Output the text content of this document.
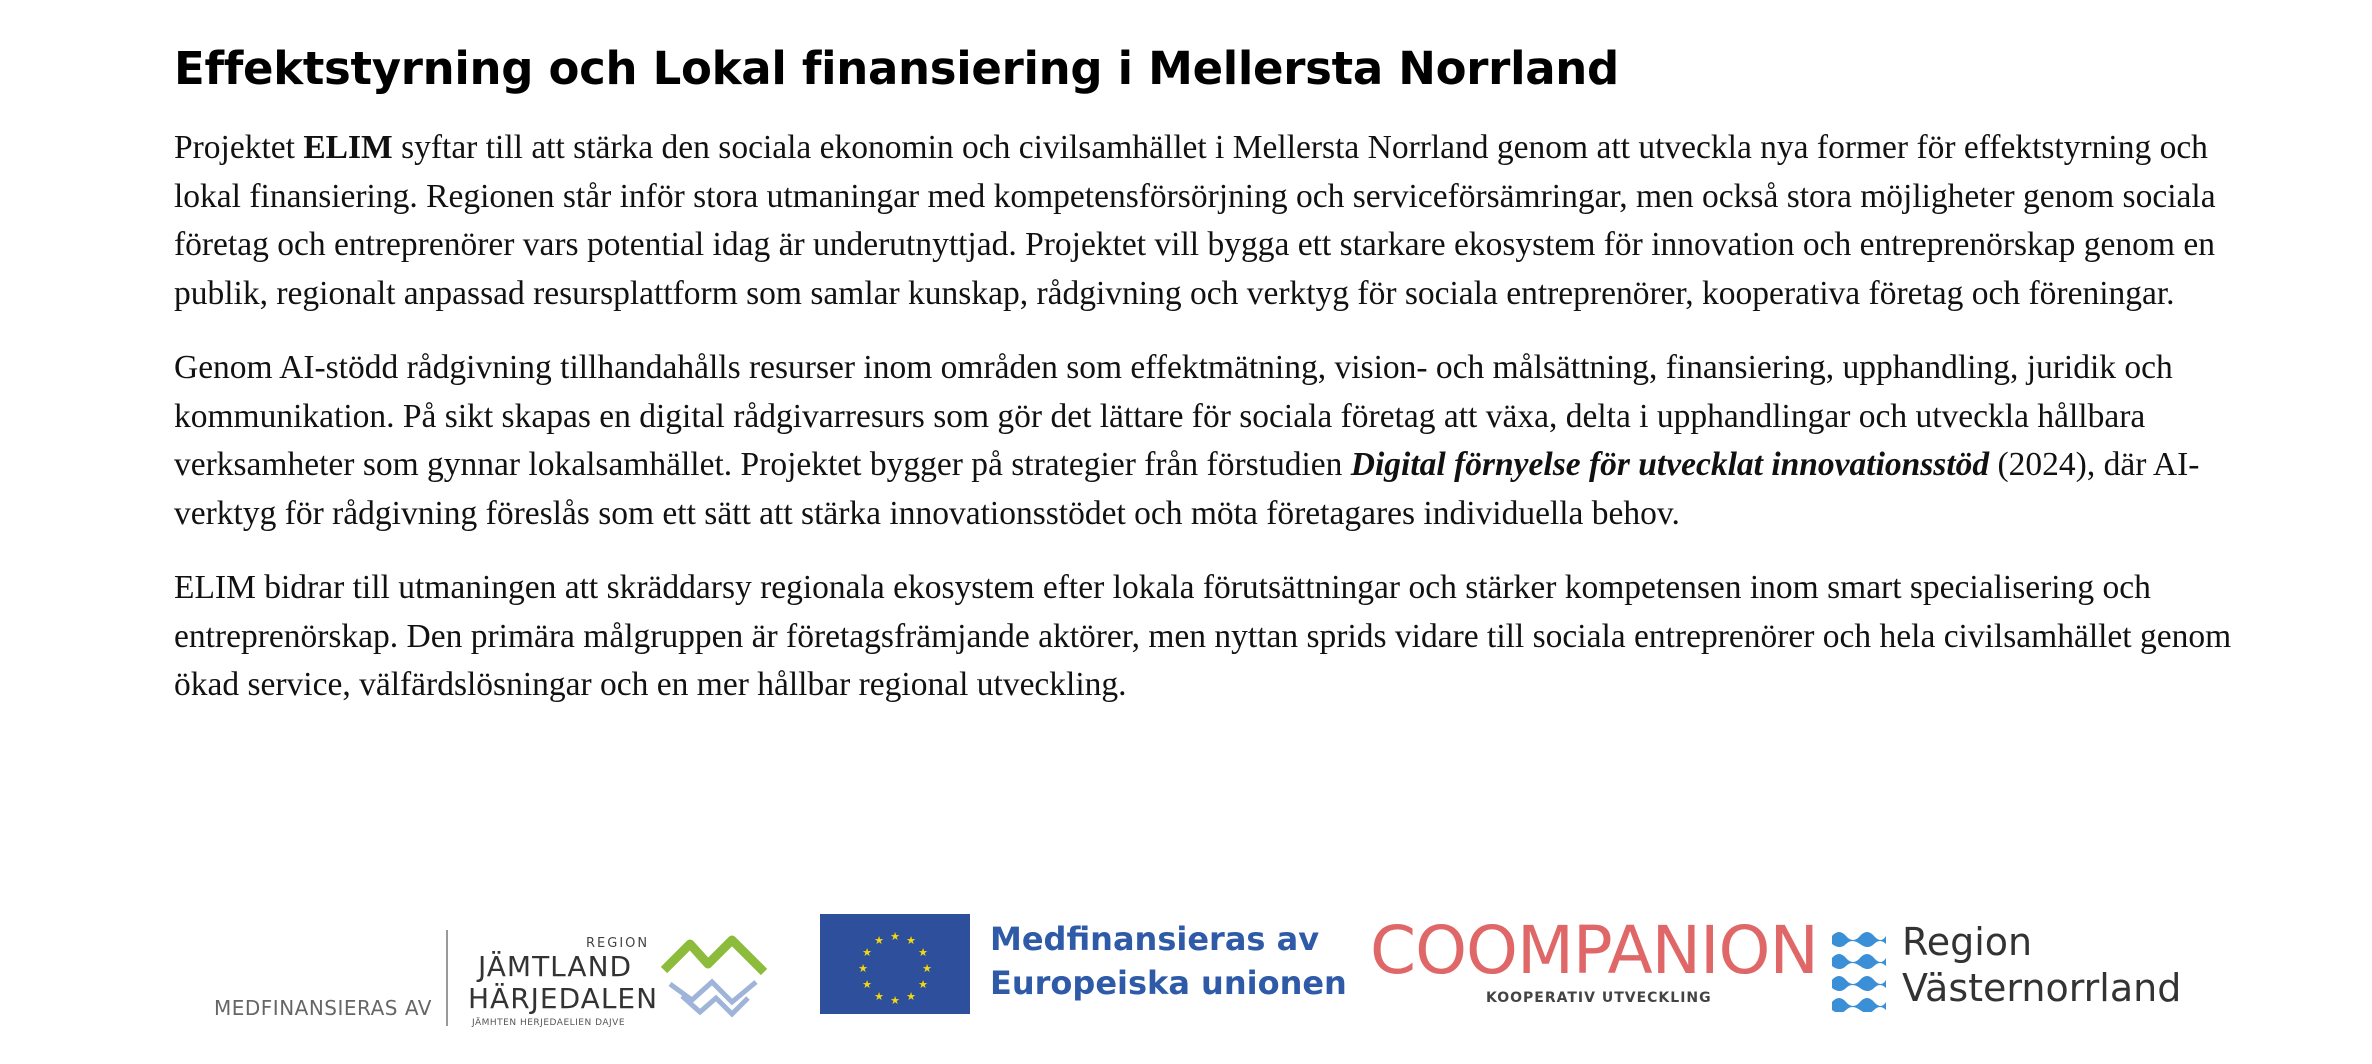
Effektstyrning och Lokal finansiering i Mellersta Norrland

Projektet ELIM syftar till att stärka den sociala ekonomin och civilsamhället i Mellersta Norrland genom att utveckla nya former för effektstyrning och lokal finansiering. Regionen står inför stora utmaningar med kompetensförsörjning och serviceförsämringar, men också stora möjligheter genom sociala företag och entreprenörer vars potential idag är underutnyttjad. Projektet vill bygga ett starkare ekosystem för innovation och entreprenörskap genom en publik, regionalt anpassad resursplattform som samlar kunskap, rådgivning och verktyg för sociala entreprenörer, kooperativa företag och föreningar.

Genom AI-stödd rådgivning tillhandahålls resurser inom områden som effektmätning, vision- och målsättning, finansiering, upphandling, juridik och kommunikation. På sikt skapas en digital rådgivarresurs som gör det lättare för sociala företag att växa, delta i upphandlingar och utveckla hållbara verksamheter som gynnar lokalsamhället. Projektet bygger på strategier från förstudien Digital förnyelse för utvecklat innovationsstöd (2024), där AI-verktyg för rådgivning föreslås som ett sätt att stärka innovationsstödet och möta företagares individuella behov.

ELIM bidrar till utmaningen att skräddarsy regionala ekosystem efter lokala förutsättningar och stärker kompetensen inom smart specialisering och entreprenörskap. Den primära målgruppen är företagsfrämjande aktörer, men nyttan sprids vidare till sociala entreprenörer och hela civilsamhället genom ökad service, välfärdslösningar och en mer hållbar regional utveckling.

MEDFINANSIERAS AV
REGION
JÄMTLAND
HÄRJEDALEN
JÄMHTEN HERJEDAELIEN DAJVE
★ ★
★
★
★
★
★
★
★
★
★
★	Medfinansieras av
Europeiska unionen COOMPANION
KOOPERATIV UTVECKLING
Region
Västernorrland
